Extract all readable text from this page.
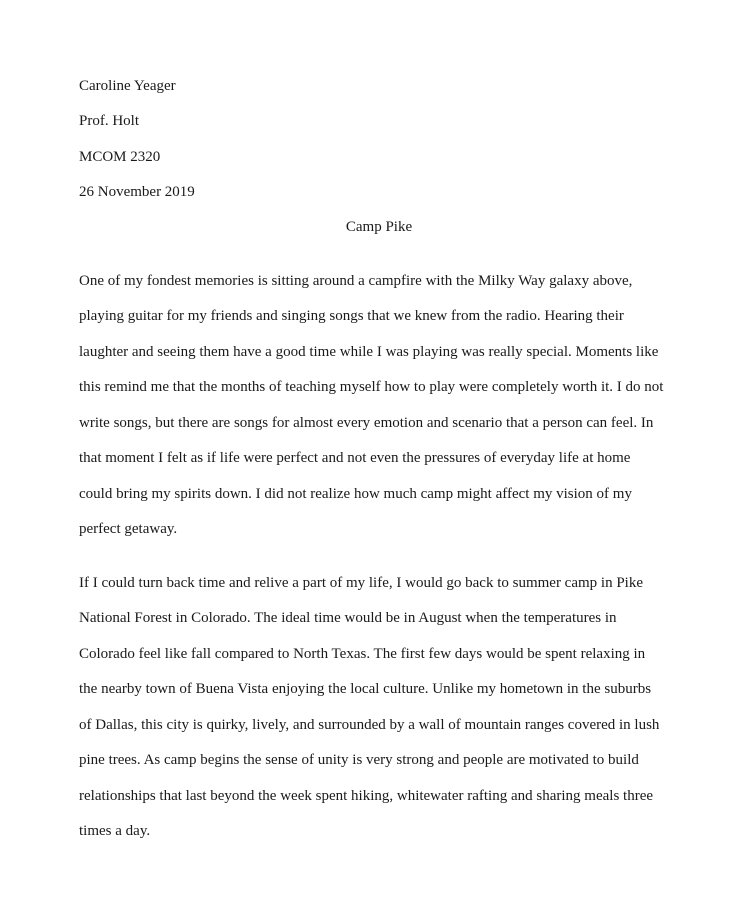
Caroline Yeager
Prof. Holt
MCOM 2320
26 November 2019
Camp Pike
One of my fondest memories is sitting around a campfire with the Milky Way galaxy above,
playing guitar for my friends and singing songs that we knew from the radio. Hearing their
laughter and seeing them have a good time while I was playing was really special. Moments like
this remind me that the months of teaching myself how to play were completely worth it. I do not
write songs, but there are songs for almost every emotion and scenario that a person can feel. In
that moment I felt as if life were perfect and not even the pressures of everyday life at home
could bring my spirits down. I did not realize how much camp might affect my vision of my
perfect getaway.
If I could turn back time and relive a part of my life, I would go back to summer camp in Pike
National Forest in Colorado. The ideal time would be in August when the temperatures in
Colorado feel like fall compared to North Texas. The first few days would be spent relaxing in
the nearby town of Buena Vista enjoying the local culture. Unlike my hometown in the suburbs
of Dallas, this city is quirky, lively, and surrounded by a wall of mountain ranges covered in lush
pine trees. As camp begins the sense of unity is very strong and people are motivated to build
relationships that last beyond the week spent hiking, whitewater rafting and sharing meals three
times a day.
